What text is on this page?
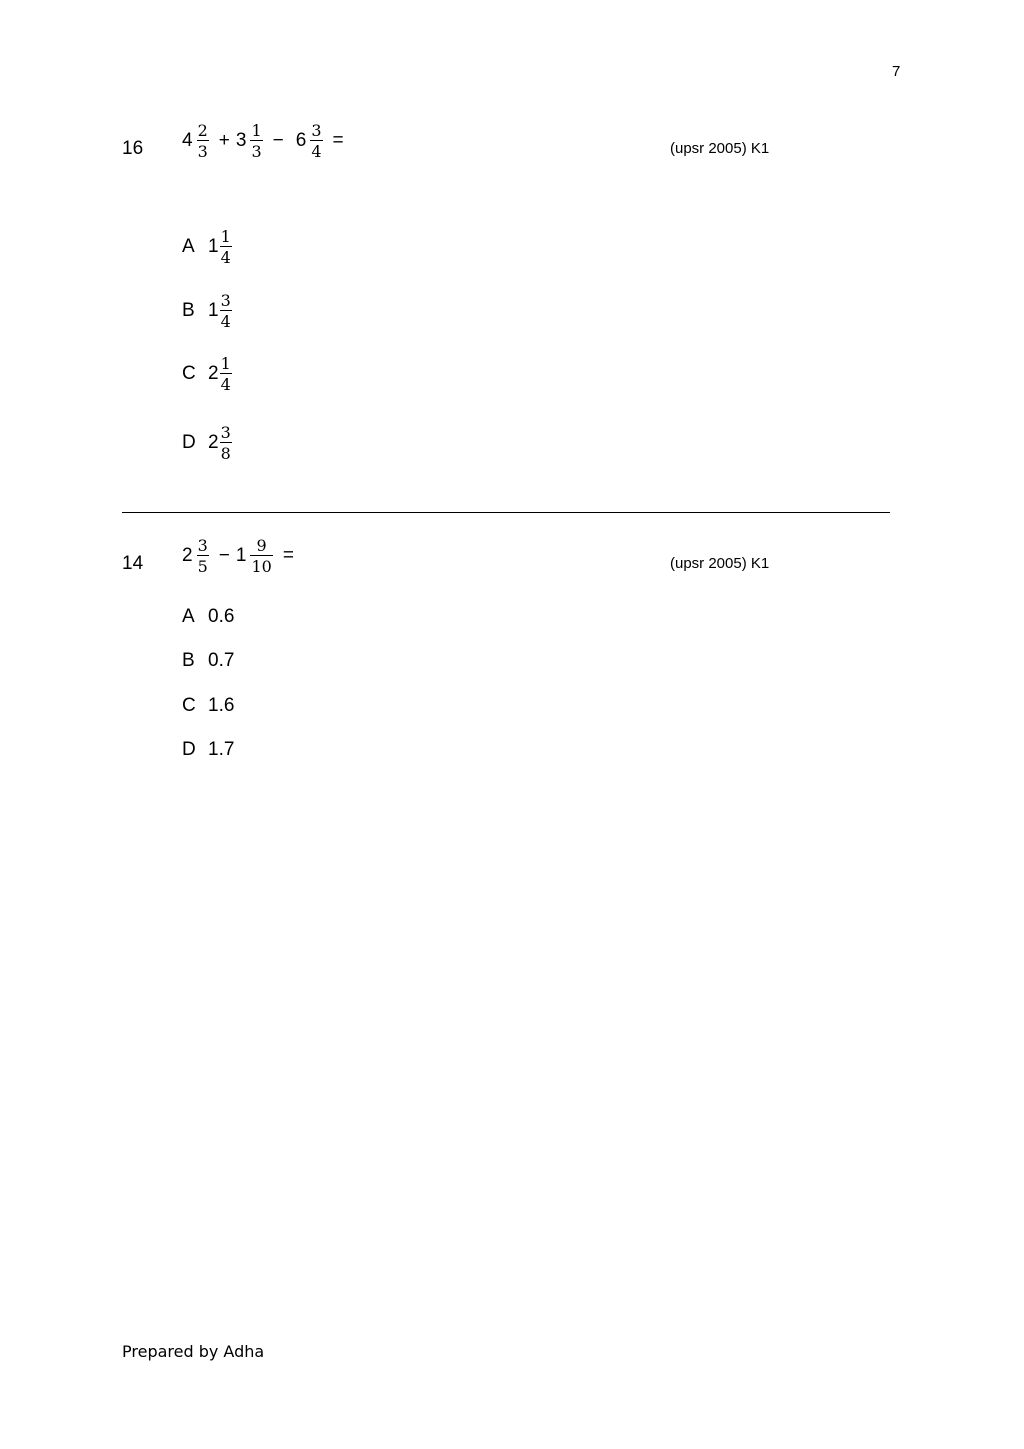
7
16 $4 \frac{2}{3} + 3 \frac{1}{3} - 6 \frac{3}{4}$ =	(upsr 2005) K1
A $1 \frac{1}{4}$
B $1 \frac{3}{4}$
C $2 \frac{1}{4}$
D $2 \frac{3}{8}$
14 $2 \frac{3}{5} - 1 \frac{9}{10}$ =	(upsr 2005) K1
A 0.6
B 0.7
C 1.6
D 1.7
Prepared by Adha
